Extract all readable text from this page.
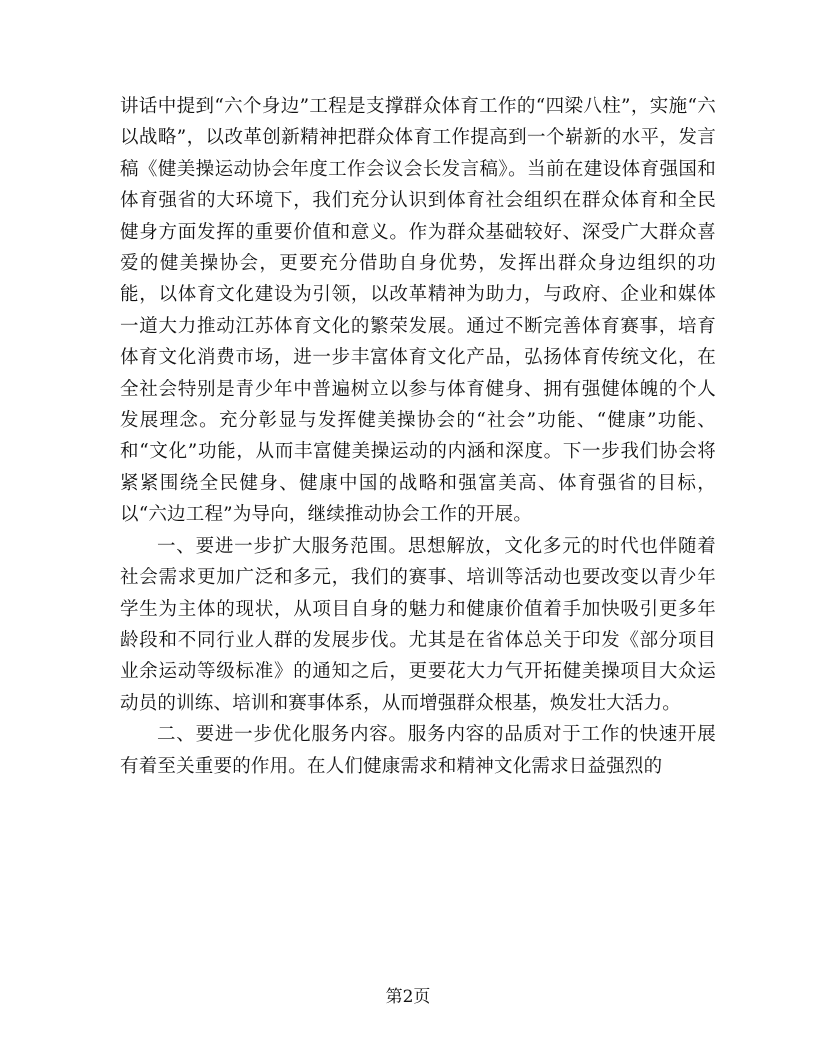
讲话中提到“六个身边”工程是支撑群众体育工作的“四梁八柱”，实施“六以战略”，以改革创新精神把群众体育工作提高到一个崭新的水平，发言稿《健美操运动协会年度工作会议会长发言稿》。当前在建设体育强国和体育强省的大环境下，我们充分认识到体育社会组织在群众体育和全民健身方面发挥的重要价值和意义。作为群众基础较好、深受广大群众喜爱的健美操协会，更要充分借助自身优势，发挥出群众身边组织的功能，以体育文化建设为引领，以改革精神为助力，与政府、企业和媒体一道大力推动江苏体育文化的繁荣发展。通过不断完善体育赛事，培育体育文化消费市场，进一步丰富体育文化产品，弘扬体育传统文化，在全社会特别是青少年中普遍树立以参与体育健身、拥有强健体魄的个人发展理念。充分彰显与发挥健美操协会的“社会”功能、“健康”功能、和“文化”功能，从而丰富健美操运动的内涵和深度。下一步我们协会将紧紧围绕全民健身、健康中国的战略和强富美高、体育强省的目标，以“六边工程”为导向，继续推动协会工作的开展。

一、要进一步扩大服务范围。思想解放，文化多元的时代也伴随着社会需求更加广泛和多元，我们的赛事、培训等活动也要改变以青少年学生为主体的现状，从项目自身的魅力和健康价值着手加快吸引更多年龄段和不同行业人群的发展步伐。尤其是在省体总关于印发《部分项目业余运动等级标准》的通知之后，更要花大力气开拓健美操项目大众运动员的训练、培训和赛事体系，从而增强群众根基，焕发壮大活力。

二、要进一步优化服务内容。服务内容的品质对于工作的快速开展有着至关重要的作用。在人们健康需求和精神文化需求日益强烈的

第2页
